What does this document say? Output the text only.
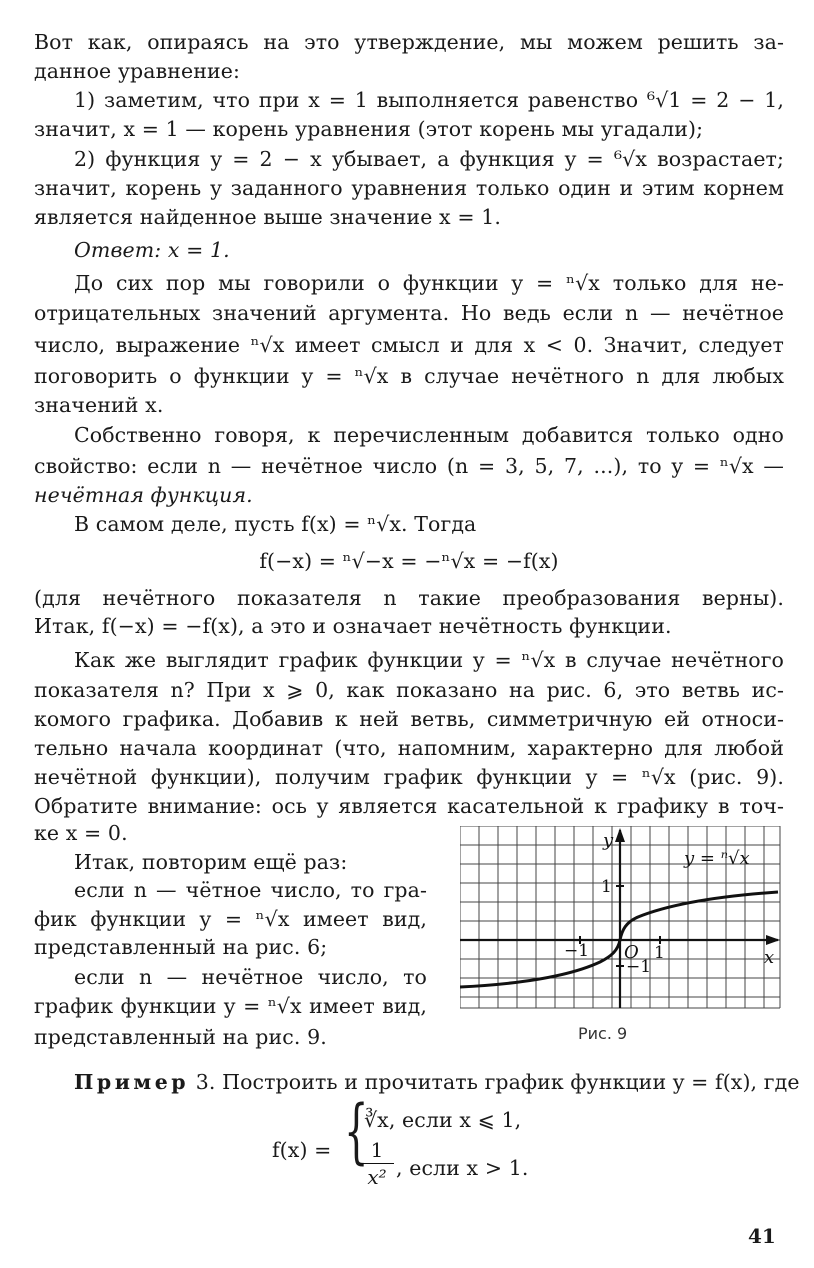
Вот как, опираясь на это утверждение, мы можем решить за-
данное уравнение:
1) заметим, что при x = 1 выполняется равенство ⁶√1 = 2 − 1,
значит, x = 1 — корень уравнения (этот корень мы угадали);
2) функция y = 2 − x убывает, а функция y = ⁶√x возрастает;
значит, корень у заданного уравнения только один и этим корнем
является найденное выше значение x = 1.
Ответ: x = 1.
До сих пор мы говорили о функции y = ⁿ√x только для не-
отрицательных значений аргумента. Но ведь если n — нечётное
число, выражение ⁿ√x имеет смысл и для x < 0. Значит, следует
поговорить о функции y = ⁿ√x в случае нечётного n для любых
значений x.
Собственно говоря, к перечисленным добавится только одно
свойство: если n — нечётное число (n = 3, 5, 7, ...), то y = ⁿ√x —
нечётная функция.
В самом деле, пусть f(x) = ⁿ√x. Тогда
f(−x) = ⁿ√−x = −ⁿ√x = −f(x)
(для нечётного показателя n такие преобразования верны).
Итак, f(−x) = −f(x), а это и означает нечётность функции.
Как же выглядит график функции y = ⁿ√x в случае нечётного
показателя n? При x ⩾ 0, как показано на рис. 6, это ветвь ис-
комого графика. Добавив к ней ветвь, симметричную ей относи-
тельно начала координат (что, напомним, характерно для любой
нечётной функции), получим график функции y = ⁿ√x (рис. 9).
Обратите внимание: ось y является касательной к графику в точ-
ке x = 0.
Итак, повторим ещё раз:
если n — чётное число, то гра-
фик функции y = ⁿ√x имеет вид,
представленный на рис. 6;
если n — нечётное число, то
график функции y = ⁿ√x имеет вид,
представленный на рис. 9.
y
x
y = ⁿ√x
O
1
−1	1
−1
Рис. 9
Пример 3. Построить и прочитать график функции y = f(x), где
f(x) = {
∛x, если x ⩽ 1,
1
x² , если x > 1.
41
